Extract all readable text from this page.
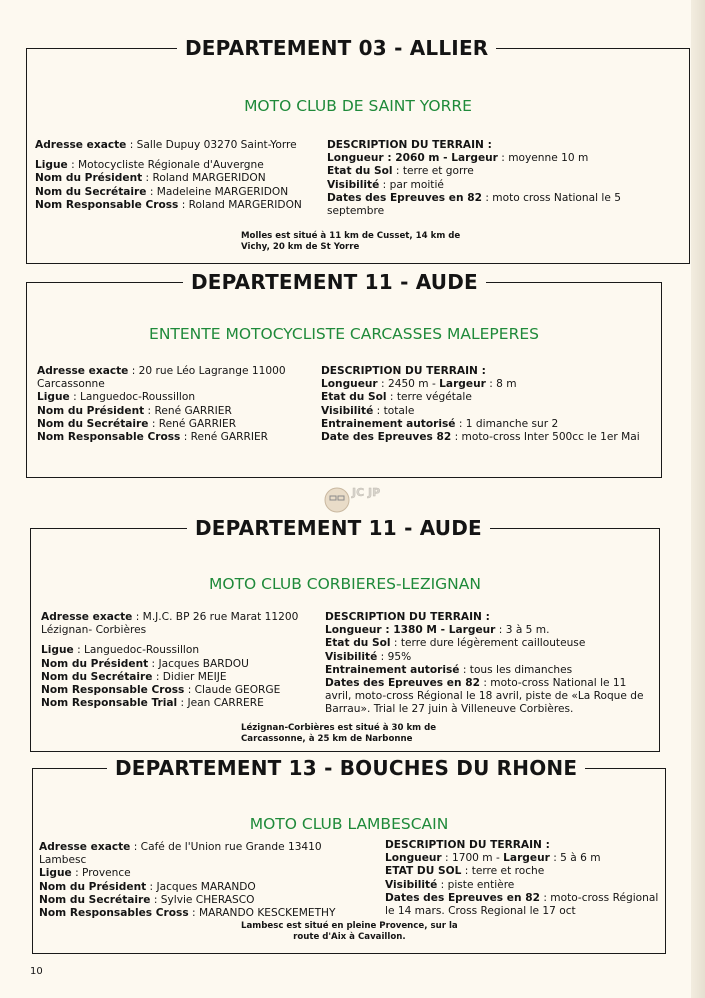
DEPARTEMENT 03 - ALLIER
MOTO CLUB DE SAINT YORRE
Adresse exacte : Salle Dupuy 03270 Saint-Yorre
Ligue : Motocycliste Régionale d'Auvergne
Nom du Président : Roland MARGERIDON
Nom du Secrétaire : Madeleine MARGERIDON
Nom Responsable Cross : Roland MARGERIDON
DESCRIPTION DU TERRAIN :
Longueur : 2060 m - Largeur : moyenne 10 m
Etat du Sol : terre et gorre
Visibilité : par moitié
Dates des Epreuves en 82 : moto cross National le 5 septembre
Molles est situé à 11 km de Cusset, 14 km de
Vichy, 20 km de St Yorre
DEPARTEMENT 11 - AUDE
ENTENTE MOTOCYCLISTE CARCASSES MALEPERES
Adresse exacte : 20 rue Léo Lagrange 11000 Carcassonne
Ligue : Languedoc-Roussillon
Nom du Président : René GARRIER
Nom du Secrétaire : René GARRIER
Nom Responsable Cross : René GARRIER
DESCRIPTION DU TERRAIN :
Longueur : 2450 m - Largeur : 8 m
Etat du Sol : terre végétale
Visibilité : totale
Entrainement autorisé : 1 dimanche sur 2
Date des Epreuves 82 : moto-cross Inter 500cc le 1er Mai
JC JP
DEPARTEMENT 11 - AUDE
MOTO CLUB CORBIERES-LEZIGNAN
Adresse exacte : M.J.C. BP 26 rue Marat 11200 Lézignan- Corbières
Ligue : Languedoc-Roussillon
Nom du Président : Jacques BARDOU
Nom du Secrétaire : Didier MEIJE
Nom Responsable Cross : Claude GEORGE
Nom Responsable Trial : Jean CARRERE
DESCRIPTION DU TERRAIN :
Longueur : 1380 M - Largeur : 3 à 5 m.
Etat du Sol : terre dure légèrement caillouteuse
Visibilité : 95%
Entrainement autorisé : tous les dimanches
Dates des Epreuves en 82 : moto-cross National le 11 avril, moto-cross Régional le 18 avril, piste de «La Roque de Barrau». Trial le 27 juin à Villeneuve Corbières.
Lézignan-Corbières est situé à 30 km de
Carcassonne, à 25 km de Narbonne
DEPARTEMENT 13 - BOUCHES DU RHONE
MOTO CLUB LAMBESCAIN
Adresse exacte : Café de l'Union rue Grande 13410 Lambesc
Ligue : Provence
Nom du Président : Jacques MARANDO
Nom du Secrétaire : Sylvie CHERASCO
Nom Responsables Cross : MARANDO KESCKEMETHY
DESCRIPTION DU TERRAIN :
Longueur : 1700 m - Largeur : 5 à 6 m
ETAT DU SOL : terre et roche
Visibilité : piste entière
Dates des Epreuves en 82 : moto-cross Régional le 14 mars. Cross Regional le 17 oct
Lambesc est situé en pleine Provence, sur la
route d'Aix à Cavaillon.
10
